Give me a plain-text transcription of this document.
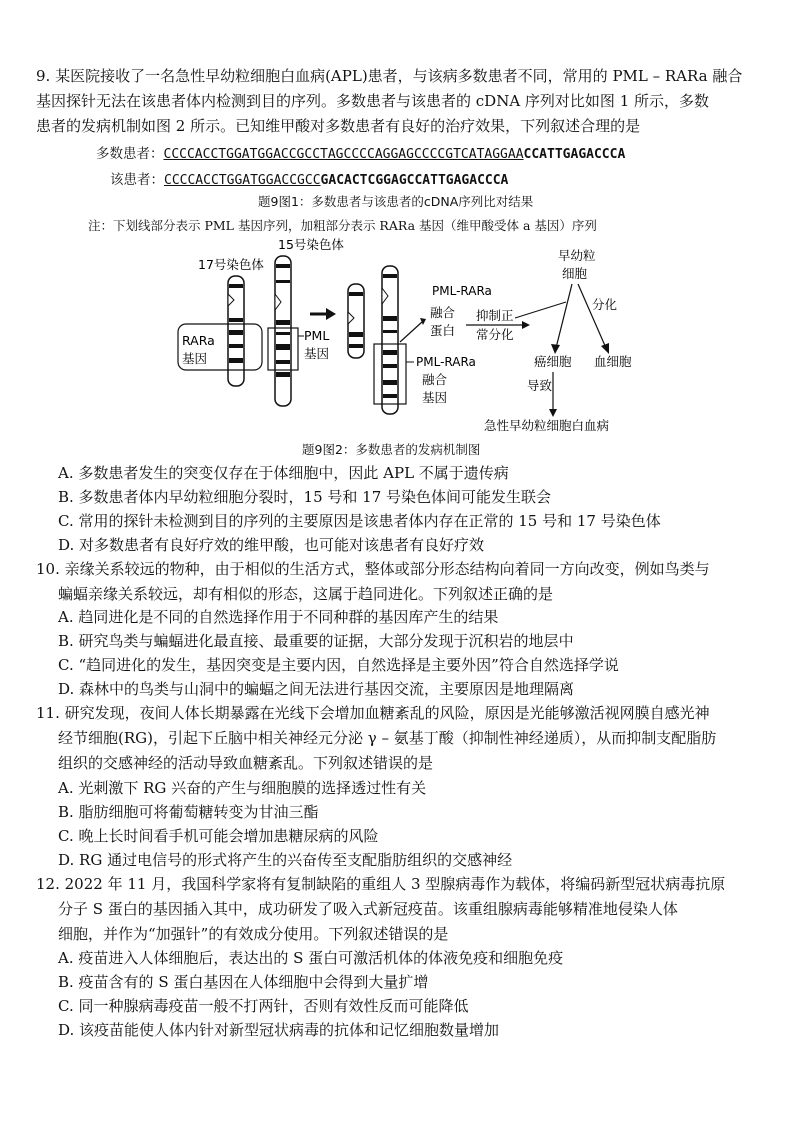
9. 某医院接收了一名急性早幼粒细胞白血病(APL)患者，与该病多数患者不同，常用的 PML – RARa 融合
基因探针无法在该患者体内检测到目的序列。多数患者与该患者的 cDNA 序列对比如图 1 所示，多数
患者的发病机制如图 2 所示。已知维甲酸对多数患者有良好的治疗效果，下列叙述合理的是
多数患者：CCCCACCTGGATGGACCGCCTAGCCCCAGGAGCCCCGTCATAGGAACCATTGAGACCCA
该患者：CCCCACCTGGATGGACCGCCGACACTCGGAGCCATTGAGACCCA
题9图1：多数患者与该患者的cDNA序列比对结果
注：下划线部分表示 PML 基因序列，加粗部分表示 RARa 基因（维甲酸受体 a 基因）序列
15号染色体
17号染色体
RARa
基因
PML
基因
PML-RARa
融合
基因
PML-RARa
融合
蛋白
抑制正
常分化
早幼粒
细胞
分化
癌细胞 血细胞
导致
急性早幼粒细胞白血病
题9图2：多数患者的发病机制图
A. 多数患者发生的突变仅存在于体细胞中，因此 APL 不属于遗传病
B. 多数患者体内早幼粒细胞分裂时，15 号和 17 号染色体间可能发生联会
C. 常用的探针未检测到目的序列的主要原因是该患者体内存在正常的 15 号和 17 号染色体
D. 对多数患者有良好疗效的维甲酸，也可能对该患者有良好疗效
10. 亲缘关系较远的物种，由于相似的生活方式，整体或部分形态结构向着同一方向改变，例如鸟类与
蝙蝠亲缘关系较远，却有相似的形态，这属于趋同进化。下列叙述正确的是
A. 趋同进化是不同的自然选择作用于不同种群的基因库产生的结果
B. 研究鸟类与蝙蝠进化最直接、最重要的证据，大部分发现于沉积岩的地层中
C. “趋同进化的发生，基因突变是主要内因，自然选择是主要外因”符合自然选择学说
D. 森林中的鸟类与山洞中的蝙蝠之间无法进行基因交流，主要原因是地理隔离
11. 研究发现，夜间人体长期暴露在光线下会增加血糖紊乱的风险，原因是光能够激活视网膜自感光神
经节细胞(RG)，引起下丘脑中相关神经元分泌 γ – 氨基丁酸（抑制性神经递质），从而抑制支配脂肪
组织的交感神经的活动导致血糖紊乱。下列叙述错误的是
A. 光刺激下 RG 兴奋的产生与细胞膜的选择透过性有关
B. 脂肪细胞可将葡萄糖转变为甘油三酯
C. 晚上长时间看手机可能会增加患糖尿病的风险
D. RG 通过电信号的形式将产生的兴奋传至支配脂肪组织的交感神经
12. 2022 年 11 月，我国科学家将有复制缺陷的重组人 3 型腺病毒作为载体，将编码新型冠状病毒抗原
分子 S 蛋白的基因插入其中，成功研发了吸入式新冠疫苗。该重组腺病毒能够精准地侵染人体
细胞，并作为“加强针”的有效成分使用。下列叙述错误的是
A. 疫苗进入人体细胞后，表达出的 S 蛋白可激活机体的体液免疫和细胞免疫
B. 疫苗含有的 S 蛋白基因在人体细胞中会得到大量扩增
C. 同一种腺病毒疫苗一般不打两针，否则有效性反而可能降低
D. 该疫苗能使人体内针对新型冠状病毒的抗体和记忆细胞数量增加
